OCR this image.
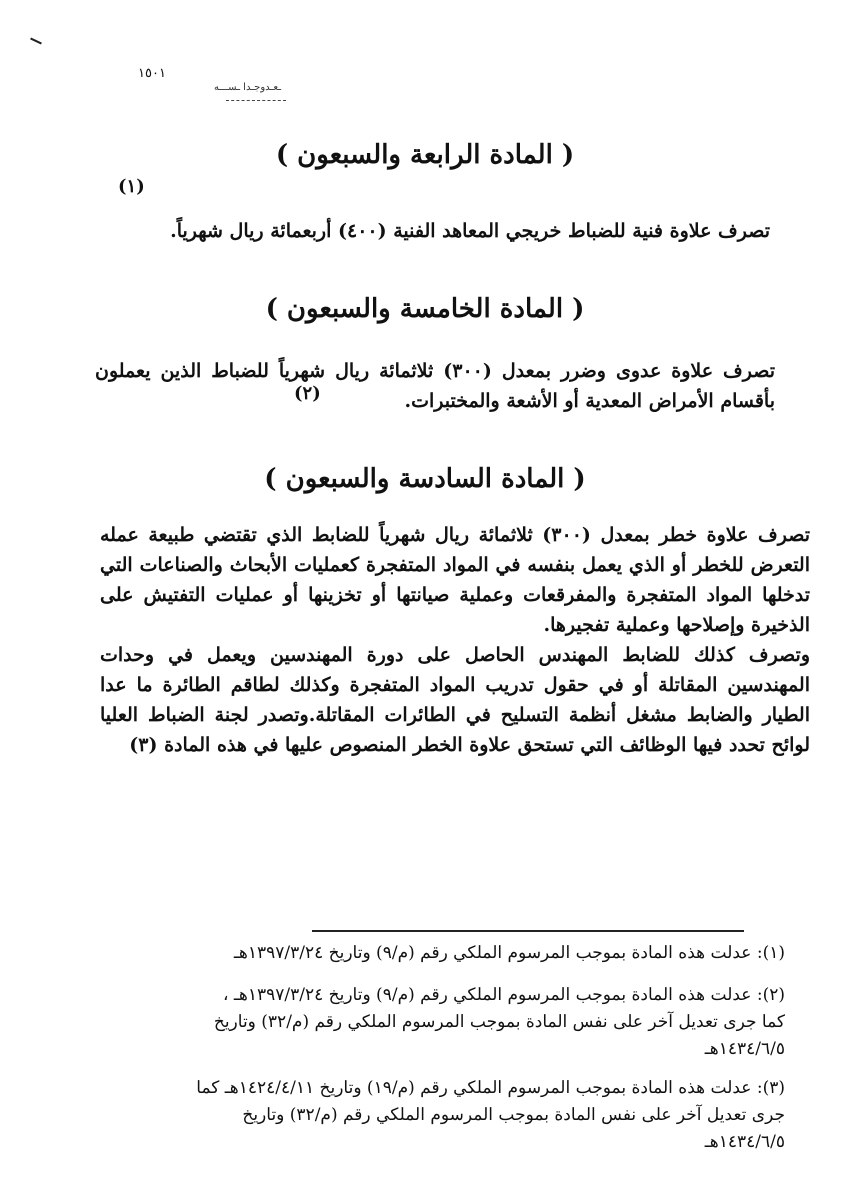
١٥٠١
ـعـدوجـدا ـســـه
( المادة الرابعة والسبعون )
(١)

تصرف علاوة فنية للضباط خريجي المعاهد الفنية (٤٠٠) أربعمائة ريال شهرياً.

( المادة الخامسة والسبعون )
(٢)

تصرف علاوة عدوى وضرر بمعدل (٣٠٠) ثلاثمائة ريال شهرياً للضباط الذين يعملون بأقسام الأمراض المعدية أو الأشعة والمختبرات.

( المادة السادسة والسبعون )

تصرف علاوة خطر بمعدل (٣٠٠) ثلاثمائة ريال شهرياً للضابط الذي تقتضي طبيعة عمله التعرض للخطر أو الذي يعمل بنفسه في المواد المتفجرة كعمليات الأبحاث والصناعات التي تدخلها المواد المتفجرة والمفرقعات وعملية صيانتها أو تخزينها أو عمليات التفتيش على الذخيرة وإصلاحها وعملية تفجيرها.

وتصرف كذلك للضابط المهندس الحاصل على دورة المهندسين ويعمل في وحدات المهندسين المقاتلة أو في حقول تدريب المواد المتفجرة وكذلك لطاقم الطائرة ما عدا الطيار والضابط مشغل أنظمة التسليح في الطائرات المقاتلة.وتصدر لجنة الضباط العليا لوائح تحدد فيها الوظائف التي تستحق علاوة الخطر المنصوص عليها في هذه المادة (٣)

(١): عدلت هذه المادة بموجب المرسوم الملكي رقم (م/٩) وتاريخ ١٣٩٧/٣/٢٤هـ

(٢): عدلت هذه المادة بموجب المرسوم الملكي رقم (م/٩) وتاريخ ١٣٩٧/٣/٢٤هـ ، كما جرى تعديل آخر على نفس المادة بموجب المرسوم الملكي رقم (م/٣٢) وتاريخ ١٤٣٤/٦/٥هـ

(٣): عدلت هذه المادة بموجب المرسوم الملكي رقم (م/١٩) وتاريخ ١٤٢٤/٤/١١هـ كما جرى تعديل آخر على نفس المادة بموجب المرسوم الملكي رقم (م/٣٢) وتاريخ ١٤٣٤/٦/٥هـ
